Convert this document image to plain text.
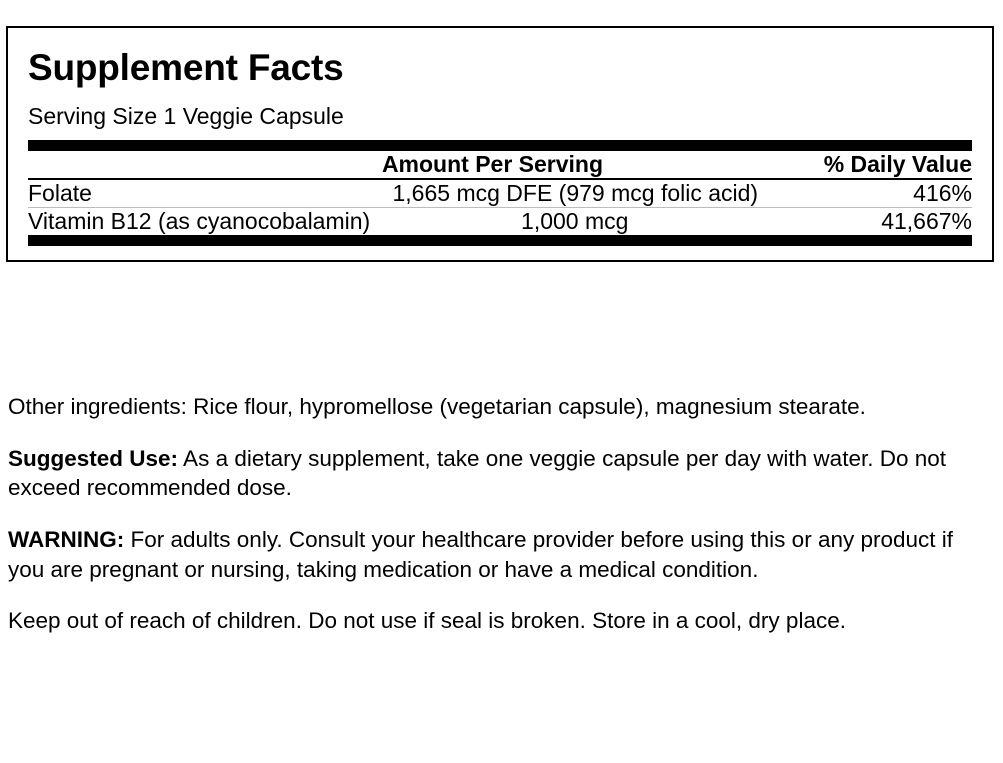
Supplement Facts
Serving Size 1 Veggie Capsule
	Amount Per Serving	% Daily Value
Folate	1,665 mcg DFE (979 mcg folic acid)	416%
Vitamin B12 (as cyanocobalamin)	1,000 mcg	41,667%

Other ingredients: Rice flour, hypromellose (vegetarian capsule), magnesium stearate.

Suggested Use: As a dietary supplement, take one veggie capsule per day with water. Do not exceed recommended dose.

WARNING: For adults only. Consult your healthcare provider before using this or any product if you are pregnant or nursing, taking medication or have a medical condition.

Keep out of reach of children. Do not use if seal is broken. Store in a cool, dry place.
